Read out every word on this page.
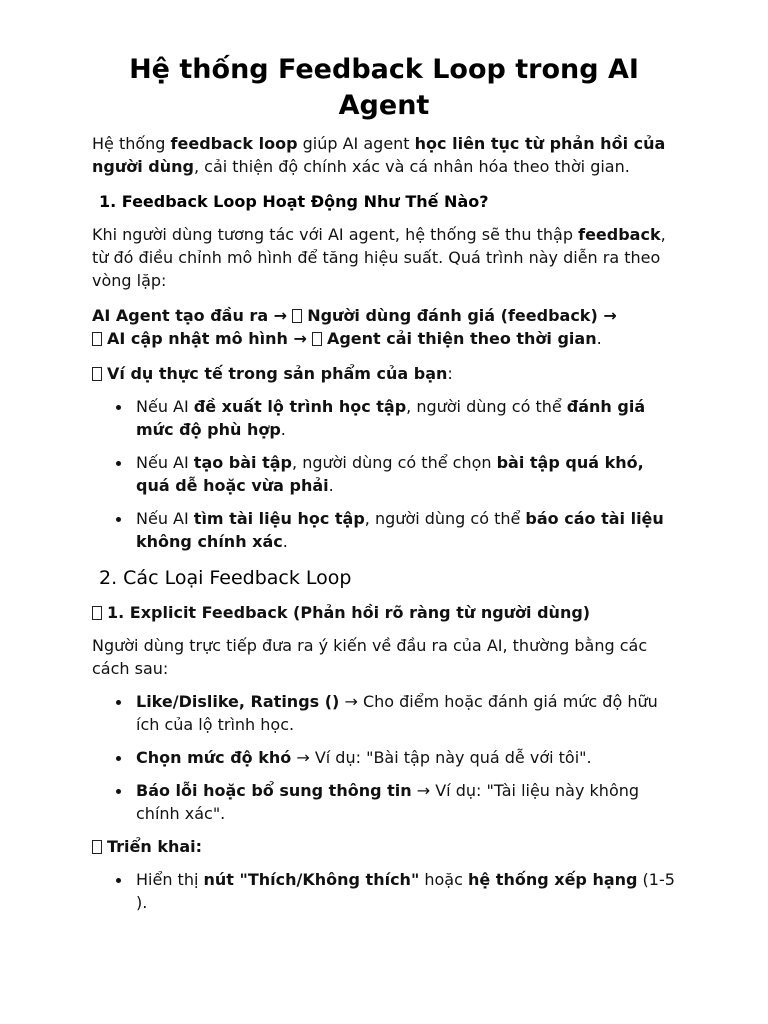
Hệ thống Feedback Loop trong AI Agent

Hệ thống feedback loop giúp AI agent học liên tục từ phản hồi của người dùng, cải thiện độ chính xác và cá nhân hóa theo thời gian.

1. Feedback Loop Hoạt Động Như Thế Nào?

Khi người dùng tương tác với AI agent, hệ thống sẽ thu thập feedback, từ đó điều chỉnh mô hình để tăng hiệu suất. Quá trình này diễn ra theo vòng lặp:

AI Agent tạo đầu ra → Người dùng đánh giá (feedback) →
AI cập nhật mô hình → Agent cải thiện theo thời gian.

Ví dụ thực tế trong sản phẩm của bạn:

Nếu AI đề xuất lộ trình học tập, người dùng có thể đánh giá mức độ phù hợp.
Nếu AI tạo bài tập, người dùng có thể chọn bài tập quá khó, quá dễ hoặc vừa phải.
Nếu AI tìm tài liệu học tập, người dùng có thể báo cáo tài liệu không chính xác.
2. Các Loại Feedback Loop

1. Explicit Feedback (Phản hồi rõ ràng từ người dùng)

Người dùng trực tiếp đưa ra ý kiến về đầu ra của AI, thường bằng các cách sau:

Like/Dislike, Ratings () → Cho điểm hoặc đánh giá mức độ hữu ích của lộ trình học.
Chọn mức độ khó → Ví dụ: "Bài tập này quá dễ với tôi".
Báo lỗi hoặc bổ sung thông tin → Ví dụ: "Tài liệu này không chính xác".

Triển khai:

Hiển thị nút "Thích/Không thích" hoặc hệ thống xếp hạng (1-5 ).
